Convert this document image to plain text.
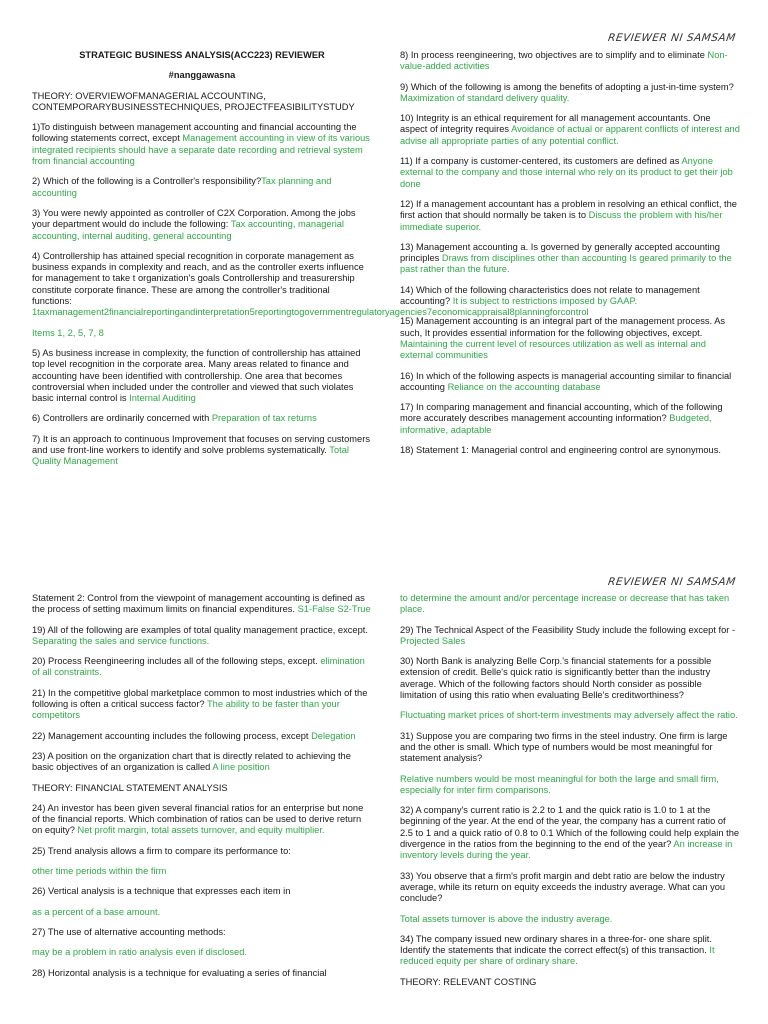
REVIEWER NI SAMSAM
STRATEGIC BUSINESS ANALYSIS(ACC223) REVIEWER
#nanggawasna
THEORY: OVERVIEWOFMANAGERIAL ACCOUNTING, CONTEMPORARYBUSINESSTECHNIQUES, PROJECTFEASIBILITYSTUDY
1)To distinguish between management accounting and financial accounting the following statements correct, except Management accounting in view of its various integrated recipients should have a separate date recording and retrieval system from financial accounting
2) Which of the following is a Controller's responsibility?Tax planning and accounting
3) You were newly appointed as controller of C2X Corporation. Among the jobs your department would do include the following: Tax accounting, managerial accounting, internal auditing, general accounting
4) Controllership has attained special recognition in corporate management as business expands in complexity and reach, and as the controller exerts influence for management to take t organization's goals Controllership and treasurership constitute corporate finance. These are among the controller's traditional functions: 1taxmanagement2financialreportingandinterpretation5reportingtogovernmentregulatoryagencies7economicappraisal8planningforcontrol
Items 1, 2, 5, 7, 8
5) As business increase in complexity, the function of controllership has attained top level recognition in the corporate area. Many areas related to finance and accounting have been identified with controllership. One area that becomes controversial when included under the controller and viewed that such violates basic internal control is Internal Auditing
6) Controllers are ordinarily concerned with Preparation of tax returns
7) It is an approach to continuous Improvement that focuses on serving customers and use front-line workers to identify and solve problems systematically. Total Quality Management
8) In process reengineering, two objectives are to simplify and to eliminate Non-value-added activities
9) Which of the following is among the benefits of adopting a just-in-time system? Maximization of standard delivery quality.
10) Integrity is an ethical requirement for all management accountants. One aspect of integrity requires Avoidance of actual or apparent conflicts of interest and advise all appropriate parties of any potential conflict.
11) If a company is customer-centered, its customers are defined as Anyone external to the company and those internal who rely on its product to get their job done
12) If a management accountant has a problem in resolving an ethical conflict, the first action that should normally be taken is to Discuss the problem with his/her immediate superior.
13) Management accounting a. Is governed by generally accepted accounting principles Draws from disciplines other than accounting Is geared primarily to the past rather than the future.
14) Which of the following characteristics does not relate to management accounting? It is subject to restrictions imposed by GAAP.
15) Management accounting is an integral part of the management process. As such, It provides essential information for the following objectives, except. Maintaining the current level of resources utilization as well as internal and external communities
16) In which of the following aspects is managerial accounting similar to financial accounting Reliance on the accounting database
17) In comparing management and financial accounting, which of the following more accurately describes management accounting information? Budgeted, informative, adaptable
18) Statement 1: Managerial control and engineering control are synonymous.
REVIEWER NI SAMSAM
Statement 2: Control from the viewpoint of management accounting is defined as the process of setting maximum limits on financial expenditures. S1-False S2-True
19) All of the following are examples of total quality management practice, except. Separating the sales and service functions.
20) Process Reengineering includes all of the following steps, except. elimination of all constraints.
21) In the competitive global marketplace common to most industries which of the following is often a critical success factor? The ability to be faster than your competitors
22) Management accounting includes the following process, except Delegation
23) A position on the organization chart that is directly related to achieving the basic objectives of an organization is called A line position
THEORY: FINANCIAL STATEMENT ANALYSIS
24) An investor has been given several financial ratios for an enterprise but none of the financial reports. Which combination of ratios can be used to derive return on equity? Net profit margin, total assets turnover, and equity multiplier.
25) Trend analysis allows a firm to compare its performance to:
other time periods within the firm
26) Vertical analysis is a technique that expresses each item in
as a percent of a base amount.
27) The use of alternative accounting methods:
may be a problem in ratio analysis even if disclosed.
28) Horizontal analysis is a technique for evaluating a series of financial
to determine the amount and/or percentage increase or decrease that has taken place.
29) The Technical Aspect of the Feasibility Study include the following except for - Projected Sales
30) North Bank is analyzing Belle Corp.'s financial statements for a possible extension of credit. Belle's quick ratio is significantly better than the industry average. Which of the following factors should North consider as possible limitation of using this ratio when evaluating Belle's creditworthiness?
Fluctuating market prices of short-term investments may adversely affect the ratio.
31) Suppose you are comparing two firms in the steel industry. One firm is large and the other is small. Which type of numbers would be most meaningful for statement analysis?
Relative numbers would be most meaningful for both the large and small firm, especially for inter firm comparisons.
32) A company's current ratio is 2.2 to 1 and the quick ratio is 1.0 to 1 at the beginning of the year. At the end of the year, the company has a current ratio of 2.5 to 1 and a quick ratio of 0.8 to 0.1 Which of the following could help explain the divergence in the ratios from the beginning to the end of the year? An increase in inventory levels during the year.
33) You observe that a firm's profit margin and debt ratio are below the industry average, while its return on equity exceeds the industry average. What can you conclude?
Total assets turnover is above the industry average.
34) The company issued new ordinary shares in a three-for- one share split. Identify the statements that indicate the correct effect(s) of this transaction. It reduced equity per share of ordinary share.
THEORY: RELEVANT COSTING
